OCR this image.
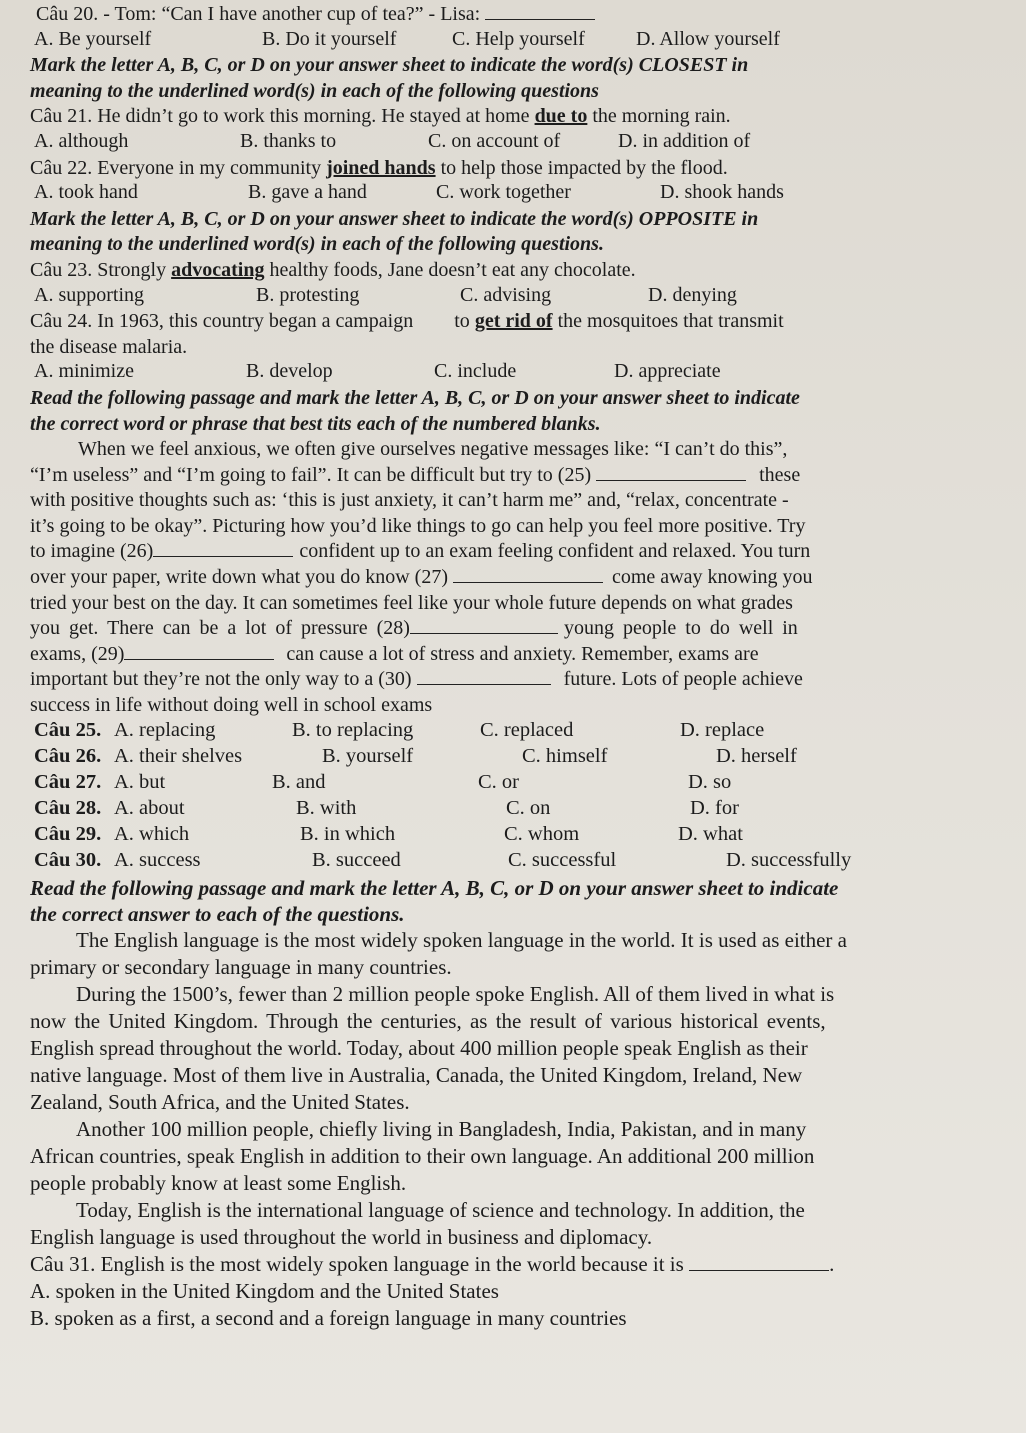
Câu 20. - Tom: “Can I have another cup of tea?” - Lisa:
A. Be yourself	B. Do it yourself	C. Help yourself	D. Allow yourself
Mark the letter A, B, C, or D on your answer sheet to indicate the word(s) CLOSEST in
meaning to the underlined word(s) in each of the following questions
Câu 21. He didn’t go to work this morning. He stayed at home due to the morning rain.
A. although	B. thanks to	C. on account of	D. in addition of
Câu 22. Everyone in my community joined hands to help those impacted by the flood.
A. took hand	B. gave a hand	C. work together	D. shook hands
Mark the letter A, B, C, or D on your answer sheet to indicate the word(s) OPPOSITE in
meaning to the underlined word(s) in each of the following questions.
Câu 23. Strongly advocating healthy foods, Jane doesn’t eat any chocolate.
A. supporting	B. protesting	C. advising	D. denying
Câu 24. In 1963, this country began a campaign to get rid of the mosquitoes that transmit
the disease malaria.
A. minimize	B. develop	C. include	D. appreciate
Read the following passage and mark the letter A, B, C, or D on your answer sheet to indicate
the correct word or phrase that best tits each of the numbered blanks.
When we feel anxious, we often give ourselves negative messages like: “I can’t do this”,
“I’m useless” and “I’m going to fail”. It can be difficult but try to (25)	these
with positive thoughts such as: ‘this is just anxiety, it can’t harm me” and, “relax, concentrate -
it’s going to be okay”. Picturing how you’d like things to go can help you feel more positive. Try
to imagine (26)	confident up to an exam feeling confident and relaxed. You turn
over your paper, write down what you do know (27)	come away knowing you
tried your best on the day. It can sometimes feel like your whole future depends on what grades
you get. There can be a lot of pressure (28)	young people to do well in
exams, (29)	can cause a lot of stress and anxiety. Remember, exams are
important but they’re not the only way to a (30)	future. Lots of people achieve
success in life without doing well in school exams
Câu 25. A. replacing	B. to replacing	C. replaced	D. replace
Câu 26. A. their shelves	B. yourself	C. himself	D. herself
Câu 27. A. but	B. and	C. or	D. so
Câu 28. A. about	B. with	C. on	D. for
Câu 29. A. which	B. in which	C. whom	D. what
Câu 30. A. success	B. succeed	C. successful	D. successfully
Read the following passage and mark the letter A, B, C, or D on your answer sheet to indicate
the correct answer to each of the questions.
The English language is the most widely spoken language in the world. It is used as either a
primary or secondary language in many countries.
During the 1500’s, fewer than 2 million people spoke English. All of them lived in what is
now the United Kingdom. Through the centuries, as the result of various historical events,
English spread throughout the world. Today, about 400 million people speak English as their
native language. Most of them live in Australia, Canada, the United Kingdom, Ireland, New
Zealand, South Africa, and the United States.
Another 100 million people, chiefly living in Bangladesh, India, Pakistan, and in many
African countries, speak English in addition to their own language. An additional 200 million
people probably know at least some English.
Today, English is the international language of science and technology. In addition, the
English language is used throughout the world in business and diplomacy.
Câu 31. English is the most widely spoken language in the world because it is	.
A. spoken in the United Kingdom and the United States
B. spoken as a first, a second and a foreign language in many countries
